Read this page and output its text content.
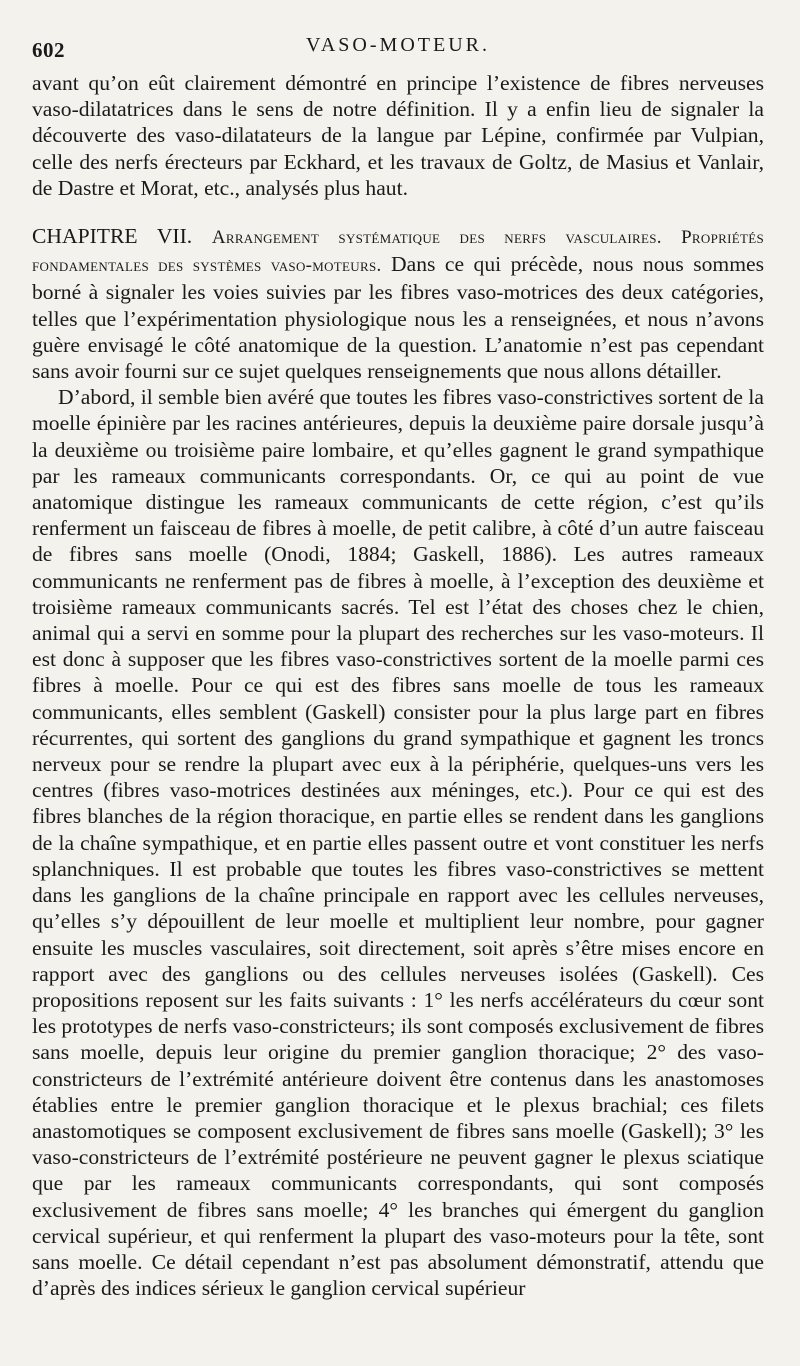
602	VASO-MOTEUR.

avant qu’on eût clairement démontré en principe l’existence de fibres nerveuses vaso-dilatatrices dans le sens de notre définition. Il y a enfin lieu de signaler la découverte des vaso-dilatateurs de la langue par Lépine, confirmée par Vulpian, celle des nerfs érecteurs par Eckhard, et les travaux de Goltz, de Masius et Vanlair, de Dastre et Morat, etc., analysés plus haut.

CHAPITRE VII. Arrangement systématique des nerfs vasculaires. Propriétés fondamentales des systèmes vaso-moteurs. Dans ce qui précède, nous nous sommes borné à signaler les voies suivies par les fibres vaso-motrices des deux catégories, telles que l’expérimentation physiologique nous les a renseignées, et nous n’avons guère envisagé le côté anatomique de la question. L’anatomie n’est pas cependant sans avoir fourni sur ce sujet quelques renseignements que nous allons détailler.

D’abord, il semble bien avéré que toutes les fibres vaso-constrictives sortent de la moelle épinière par les racines antérieures, depuis la deuxième paire dorsale jusqu’à la deuxième ou troisième paire lombaire, et qu’elles gagnent le grand sympathique par les rameaux communicants correspondants. Or, ce qui au point de vue anatomique distingue les rameaux communicants de cette région, c’est qu’ils renferment un faisceau de fibres à moelle, de petit calibre, à côté d’un autre faisceau de fibres sans moelle (Onodi, 1884; Gaskell, 1886). Les autres rameaux communicants ne renferment pas de fibres à moelle, à l’exception des deuxième et troisième rameaux communicants sacrés. Tel est l’état des choses chez le chien, animal qui a servi en somme pour la plupart des recherches sur les vaso-moteurs. Il est donc à supposer que les fibres vaso-constrictives sortent de la moelle parmi ces fibres à moelle. Pour ce qui est des fibres sans moelle de tous les rameaux communicants, elles semblent (Gaskell) consister pour la plus large part en fibres récurrentes, qui sortent des ganglions du grand sympathique et gagnent les troncs nerveux pour se rendre la plupart avec eux à la périphérie, quelques-uns vers les centres (fibres vaso-motrices destinées aux méninges, etc.). Pour ce qui est des fibres blanches de la région thoracique, en partie elles se rendent dans les ganglions de la chaîne sympathique, et en partie elles passent outre et vont constituer les nerfs splanchniques. Il est probable que toutes les fibres vaso-constrictives se mettent dans les ganglions de la chaîne principale en rapport avec les cellules nerveuses, qu’elles s’y dépouillent de leur moelle et multiplient leur nombre, pour gagner ensuite les muscles vasculaires, soit directement, soit après s’être mises encore en rapport avec des ganglions ou des cellules nerveuses isolées (Gaskell). Ces propositions reposent sur les faits suivants : 1° les nerfs accélérateurs du cœur sont les prototypes de nerfs vaso-constricteurs; ils sont composés exclusivement de fibres sans moelle, depuis leur origine du premier ganglion thoracique; 2° des vaso-constricteurs de l’extrémité antérieure doivent être contenus dans les anastomoses établies entre le premier ganglion thoracique et le plexus brachial; ces filets anastomotiques se composent exclusivement de fibres sans moelle (Gaskell); 3° les vaso-constricteurs de l’extrémité postérieure ne peuvent gagner le plexus sciatique que par les rameaux communicants correspondants, qui sont composés exclusivement de fibres sans moelle; 4° les branches qui émergent du ganglion cervical supérieur, et qui renferment la plupart des vaso-moteurs pour la tête, sont sans moelle. Ce détail cependant n’est pas absolument démonstratif, attendu que d’après des indices sérieux le ganglion cervical supérieur
